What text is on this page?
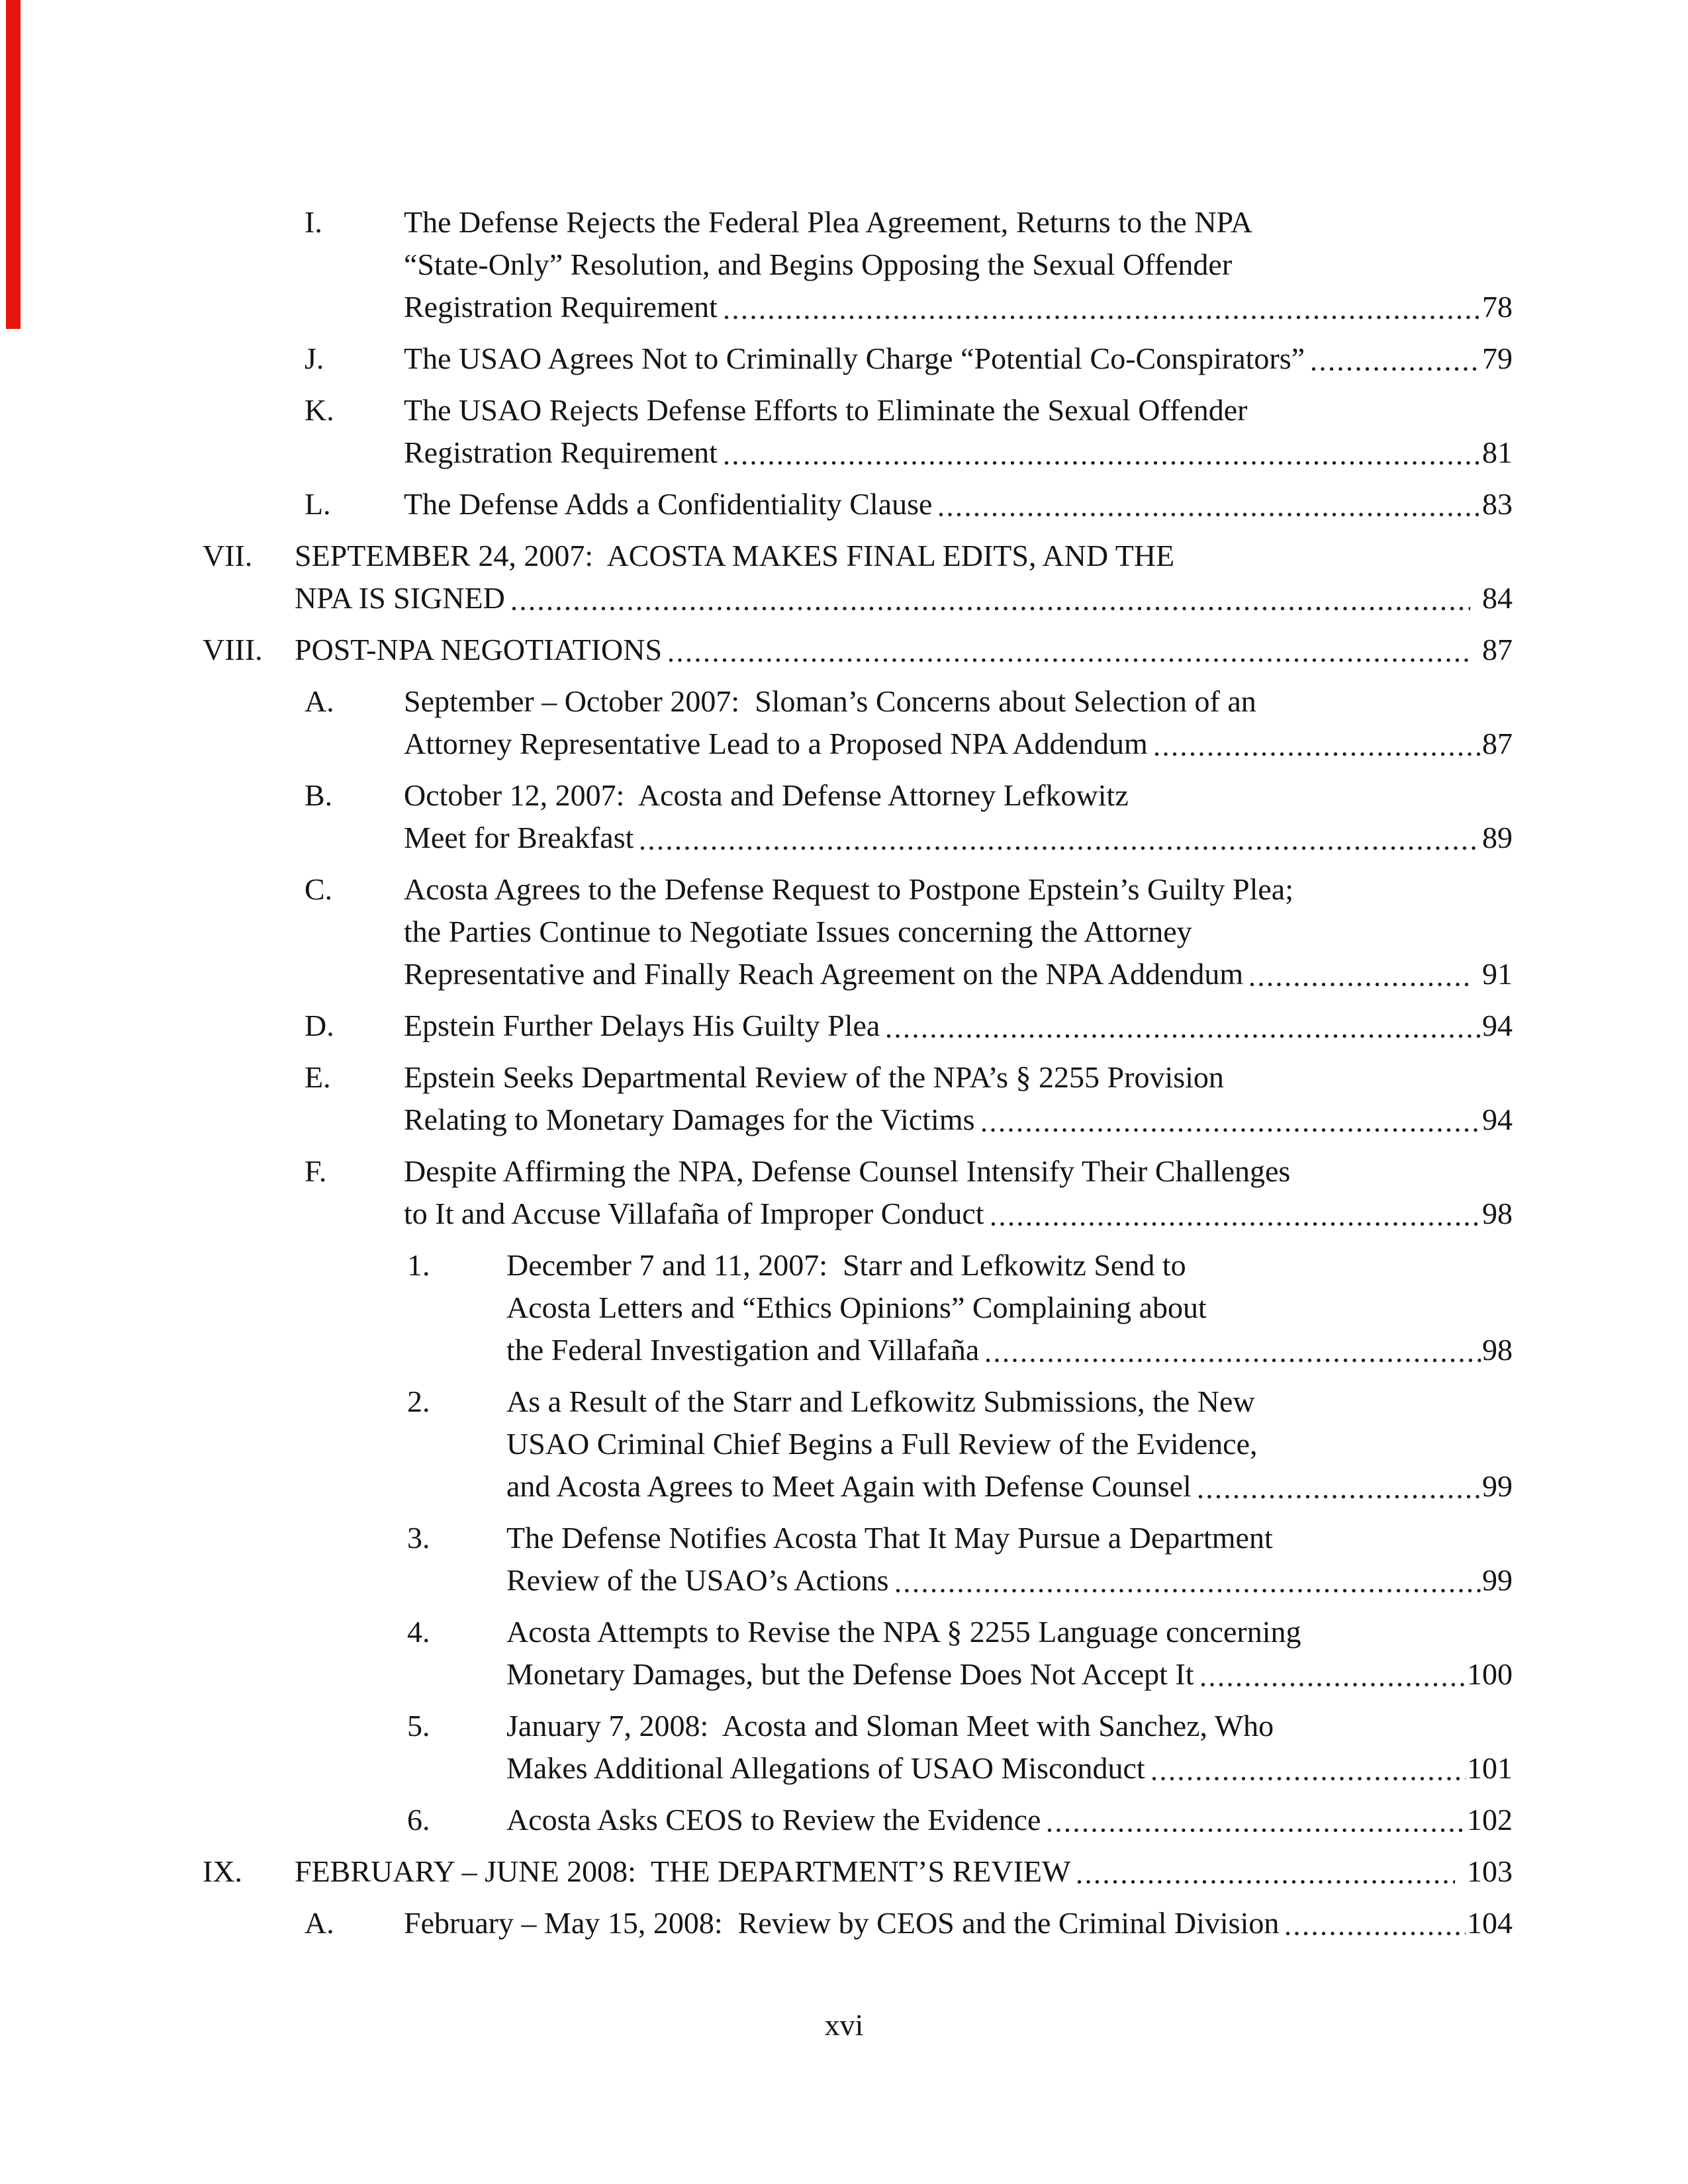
I.	The Defense Rejects the Federal Plea Agreement, Returns to the NPA
“State-Only” Resolution, and Begins Opposing the Sexual Offender
Registration Requirement	78
J.	The USAO Agrees Not to Criminally Charge “Potential Co-Conspirators”	79
K.	The USAO Rejects Defense Efforts to Eliminate the Sexual Offender
Registration Requirement	81
L.	The Defense Adds a Confidentiality Clause	83
VII.	SEPTEMBER 24, 2007:  ACOSTA MAKES FINAL EDITS, AND THE
NPA IS SIGNED	84
VIII.	POST-NPA NEGOTIATIONS	87
A.	September – October 2007:  Sloman’s Concerns about Selection of an
Attorney Representative Lead to a Proposed NPA Addendum	87
B.	October 12, 2007:  Acosta and Defense Attorney Lefkowitz
Meet for Breakfast	89
C.	Acosta Agrees to the Defense Request to Postpone Epstein’s Guilty Plea;
the Parties Continue to Negotiate Issues concerning the Attorney
Representative and Finally Reach Agreement on the NPA Addendum	91
D.	Epstein Further Delays His Guilty Plea	94
E.	Epstein Seeks Departmental Review of the NPA’s § 2255 Provision
Relating to Monetary Damages for the Victims	94
F.	Despite Affirming the NPA, Defense Counsel Intensify Their Challenges
to It and Accuse Villafaña of Improper Conduct	98
1.	December 7 and 11, 2007:  Starr and Lefkowitz Send to
Acosta Letters and “Ethics Opinions” Complaining about
the Federal Investigation and Villafaña	98
2.	As a Result of the Starr and Lefkowitz Submissions, the New
USAO Criminal Chief Begins a Full Review of the Evidence,
and Acosta Agrees to Meet Again with Defense Counsel	99
3.	The Defense Notifies Acosta That It May Pursue a Department
Review of the USAO’s Actions	99
4.	Acosta Attempts to Revise the NPA § 2255 Language concerning
Monetary Damages, but the Defense Does Not Accept It	100
5.	January 7, 2008:  Acosta and Sloman Meet with Sanchez, Who
Makes Additional Allegations of USAO Misconduct	101
6.	Acosta Asks CEOS to Review the Evidence	102
IX.	FEBRUARY – JUNE 2008:  THE DEPARTMENT’S REVIEW	103
A.	February – May 15, 2008:  Review by CEOS and the Criminal Division	104
xvi
